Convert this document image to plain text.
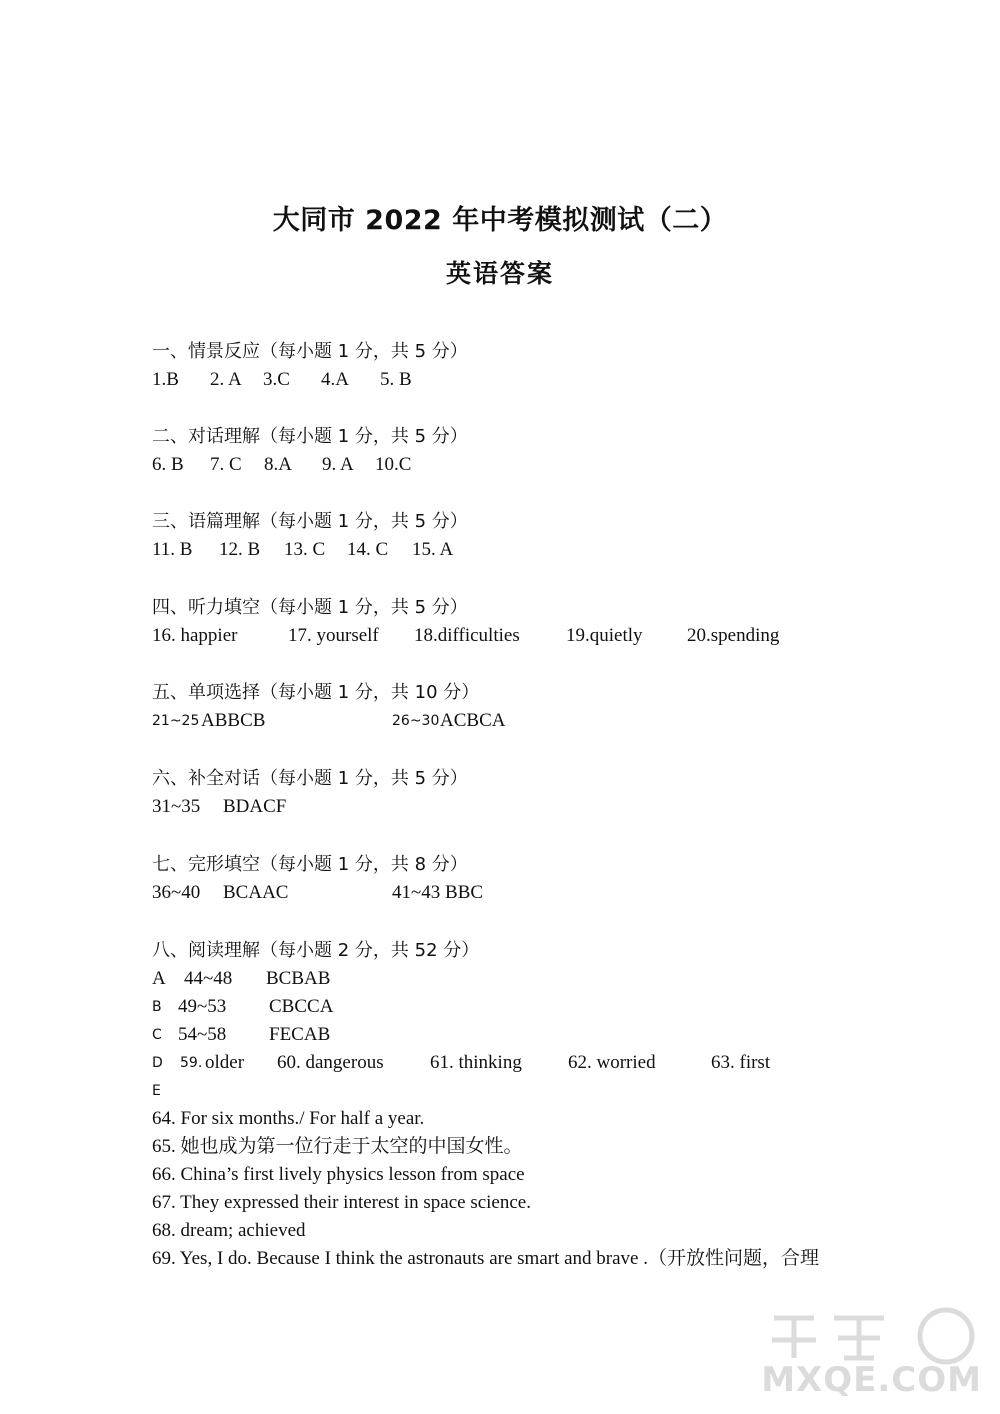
大同市 2022 年中考模拟测试（二）
英语答案
一、情景反应（每小题 1 分，共 5 分）
1.B 2. A 3.C 4.A 5. B
二、对话理解（每小题 1 分，共 5 分）
6. B 7. C 8.A 9. A 10.C
三、语篇理解（每小题 1 分，共 5 分）
11. B 12. B 13. C 14. C 15. A
四、听力填空（每小题 1 分，共 5 分）
16. happier	17. yourself 18.difficulties 19.quietly 20.spending
五、单项选择（每小题 1 分，共 10 分）
21~25 ABBCB	26~30 ACBCA
六、补全对话（每小题 1 分，共 5 分）
31~35 BDACF
七、完形填空（每小题 1 分，共 8 分）
36~40 BCAAC	41~43 BBC
八、阅读理解（每小题 2 分，共 52 分）
A 44~48 BCBAB
B 49~53 CBCCA
C 54~58 FECAB
D 59. older 60. dangerous 61. thinking 62. worried	63. first
E
64. For six months./ For half a year.
65. 她也成为第一位行走于太空的中国女性。
66. China’s first lively physics lesson from space
67. They expressed their interest in space science.
68. dream; achieved
69. Yes, I do. Because I think the astronauts are smart and brave .（开放性问题，合理
MXQE.COM
